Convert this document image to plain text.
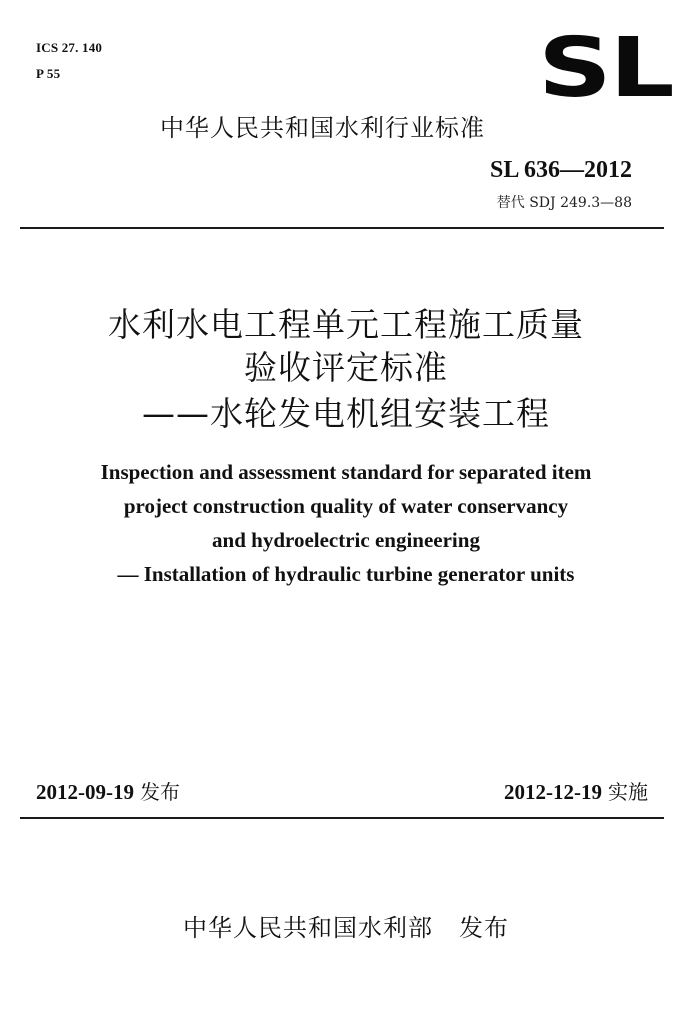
ICS 27. 140
P 55	SL
中华人民共和国水利行业标准
SL 636—2012
替代 SDJ 249.3—88
水利水电工程单元工程施工质量
验收评定标准
——水轮发电机组安装工程
Inspection and assessment standard for separated item
project construction quality of water conservancy
and hydroelectric engineering
— Installation of hydraulic turbine generator units
2012-09-19 发布	2012-12-19 实施
中华人民共和国水利部 发布
